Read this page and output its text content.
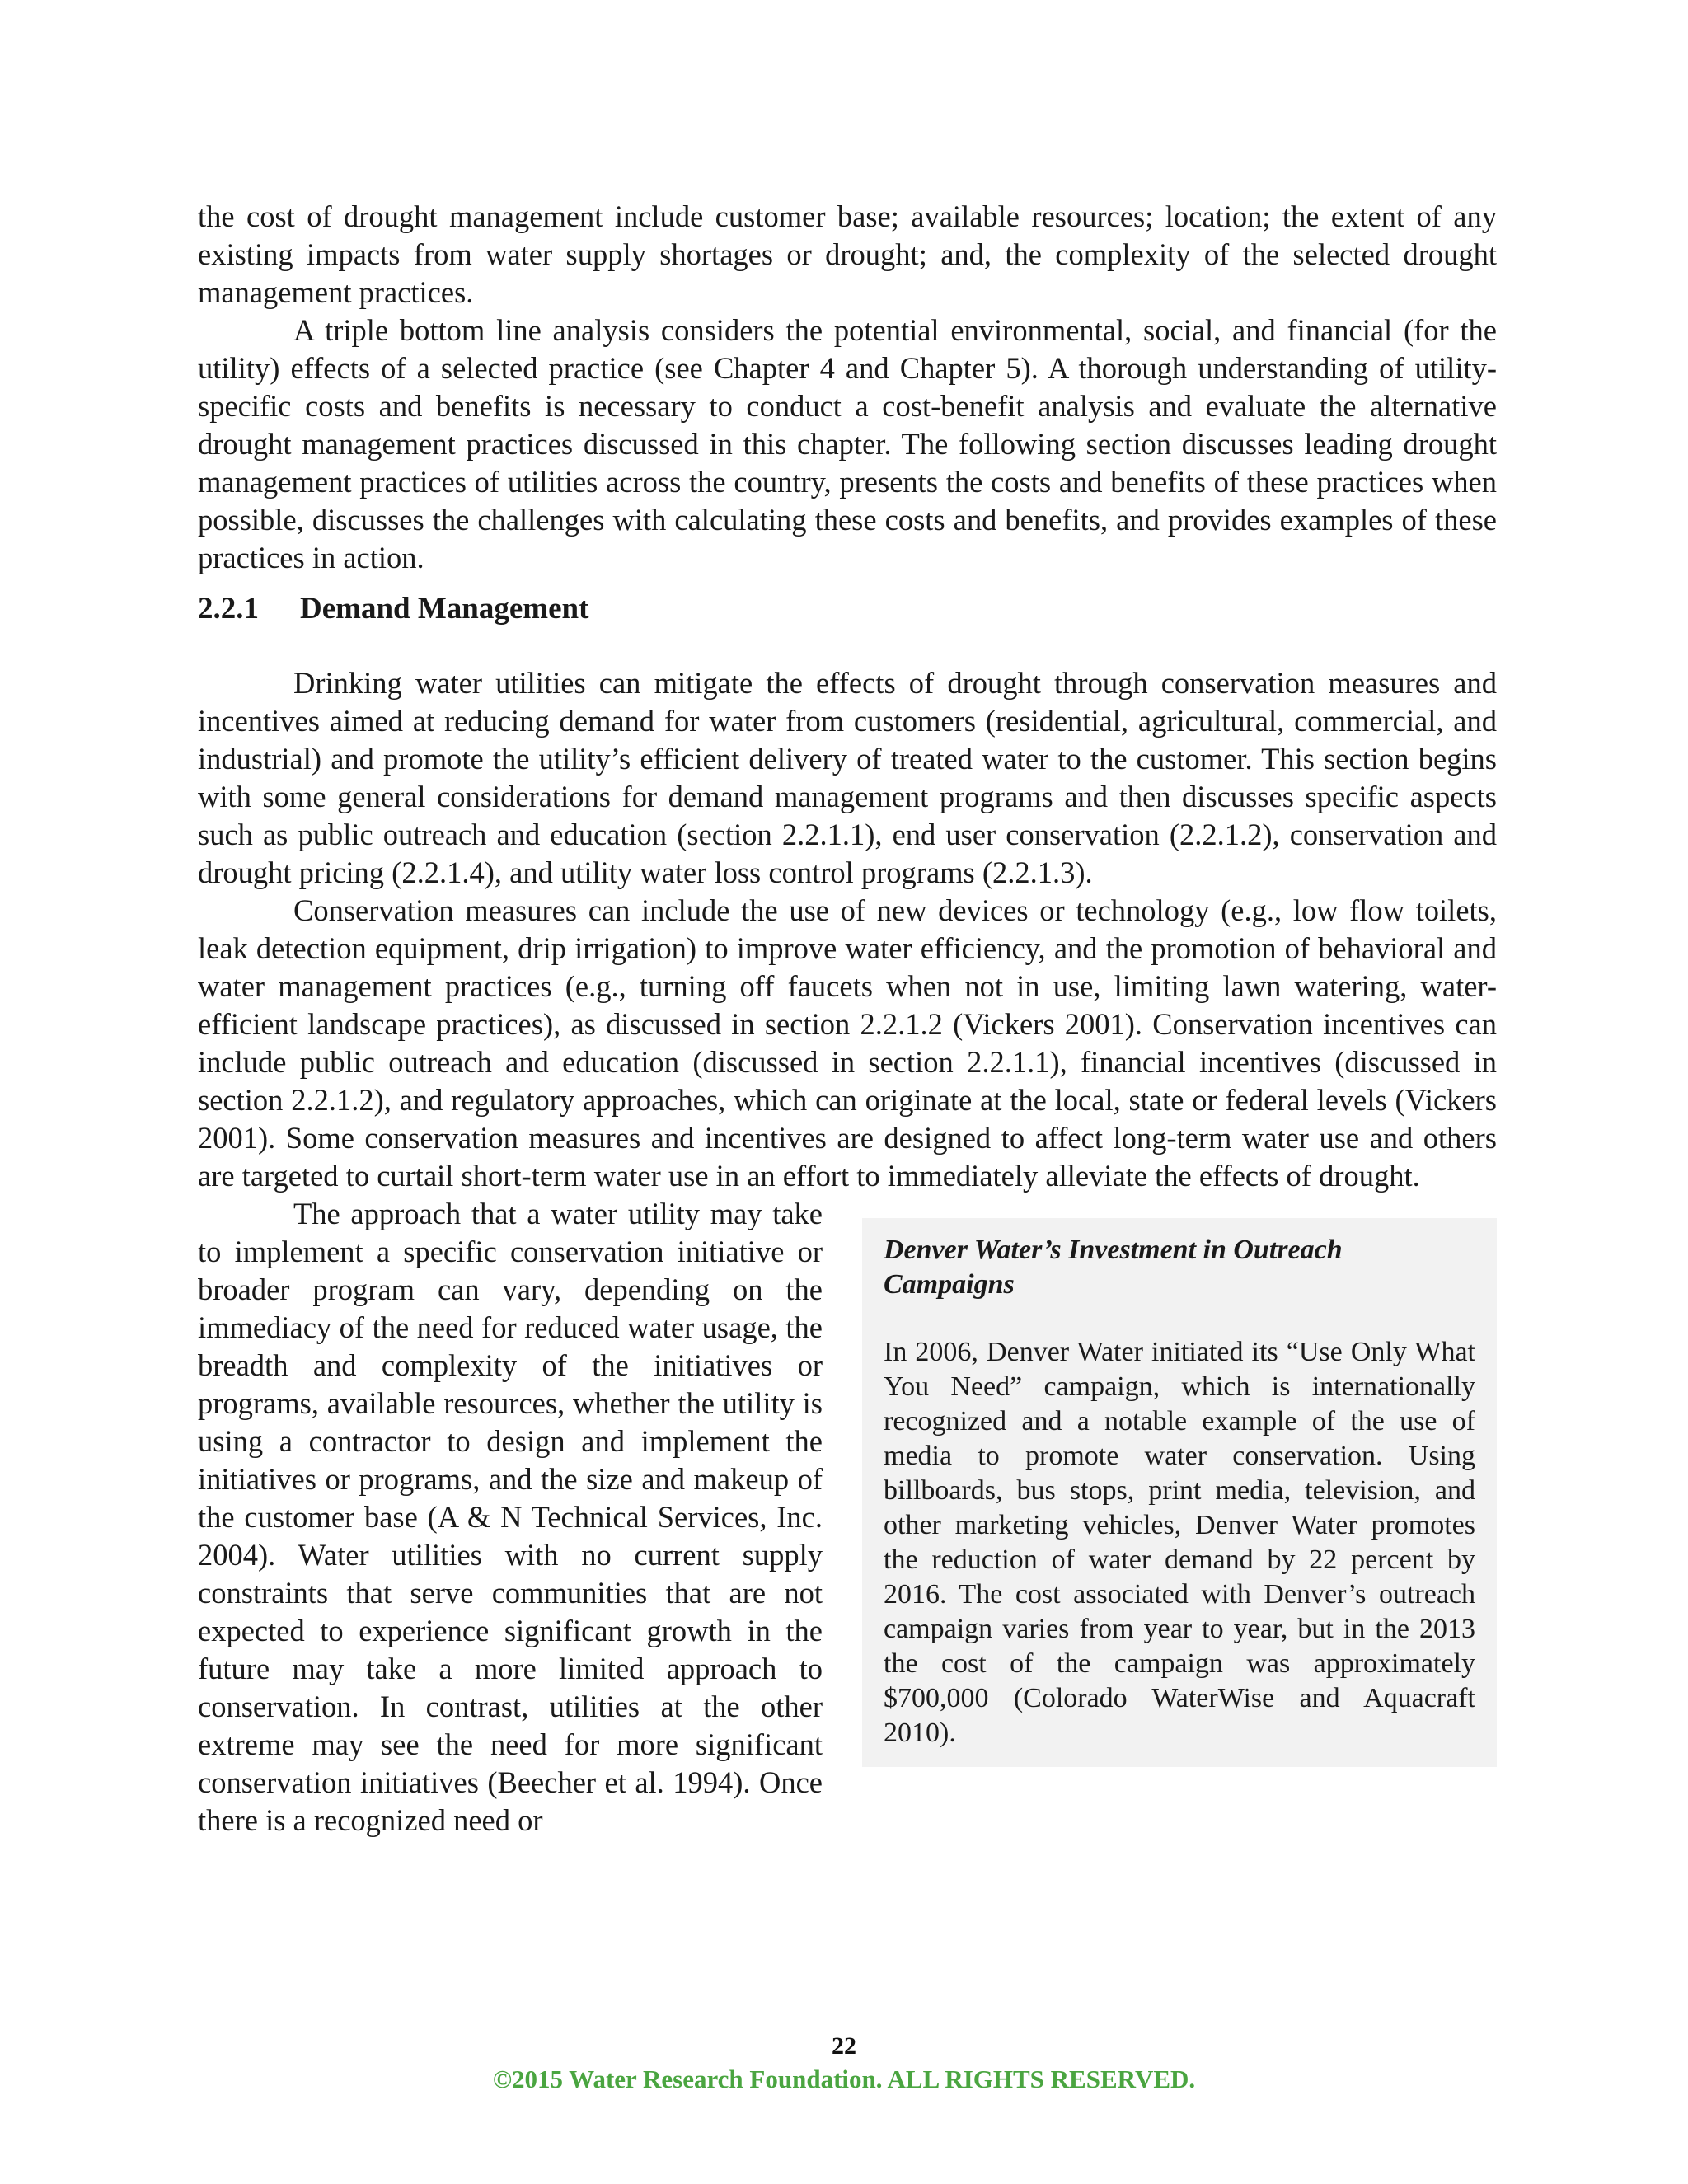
the cost of drought management include customer base; available resources; location; the extent of any existing impacts from water supply shortages or drought; and, the complexity of the selected drought management practices.

A triple bottom line analysis considers the potential environmental, social, and financial (for the utility) effects of a selected practice (see Chapter 4 and Chapter 5). A thorough understanding of utility-specific costs and benefits is necessary to conduct a cost-benefit analysis and evaluate the alternative drought management practices discussed in this chapter. The following section discusses leading drought management practices of utilities across the country, presents the costs and benefits of these practices when possible, discusses the challenges with calculating these costs and benefits, and provides examples of these practices in action.

2.2.1 Demand Management

Drinking water utilities can mitigate the effects of drought through conservation measures and incentives aimed at reducing demand for water from customers (residential, agricultural, commercial, and industrial) and promote the utility’s efficient delivery of treated water to the customer. This section begins with some general considerations for demand management programs and then discusses specific aspects such as public outreach and education (section 2.2.1.1), end user conservation (2.2.1.2), conservation and drought pricing (2.2.1.4), and utility water loss control programs (2.2.1.3).

Conservation measures can include the use of new devices or technology (e.g., low flow toilets, leak detection equipment, drip irrigation) to improve water efficiency, and the promotion of behavioral and water management practices (e.g., turning off faucets when not in use, limiting lawn watering, water-efficient landscape practices), as discussed in section 2.2.1.2 (Vickers 2001). Conservation incentives can include public outreach and education (discussed in section 2.2.1.1), financial incentives (discussed in section 2.2.1.2), and regulatory approaches, which can originate at the local, state or federal levels (Vickers 2001). Some conservation measures and incentives are designed to affect long-term water use and others are targeted to curtail short-term water use in an effort to immediately alleviate the effects of drought.

Denver Water’s Investment in Outreach Campaigns
In 2006, Denver Water initiated its “Use Only What You Need” campaign, which is internationally recognized and a notable example of the use of media to promote water conservation. Using billboards, bus stops, print media, television, and other marketing vehicles, Denver Water promotes the reduction of water demand by 22 percent by 2016. The cost associated with Denver’s outreach campaign varies from year to year, but in the 2013 the cost of the campaign was approximately $700,000 (Colorado WaterWise and Aquacraft 2010).

The approach that a water utility may take to implement a specific conservation initiative or broader program can vary, depending on the immediacy of the need for reduced water usage, the breadth and complexity of the initiatives or programs, available resources, whether the utility is using a contractor to design and implement the initiatives or programs, and the size and makeup of the customer base (A & N Technical Services, Inc. 2004). Water utilities with no current supply constraints that serve communities that are not expected to experience significant growth in the future may take a more limited approach to conservation. In contrast, utilities at the other extreme may see the need for more significant conservation initiatives (Beecher et al. 1994). Once there is a recognized need or

22
©2015 Water Research Foundation. ALL RIGHTS RESERVED.
